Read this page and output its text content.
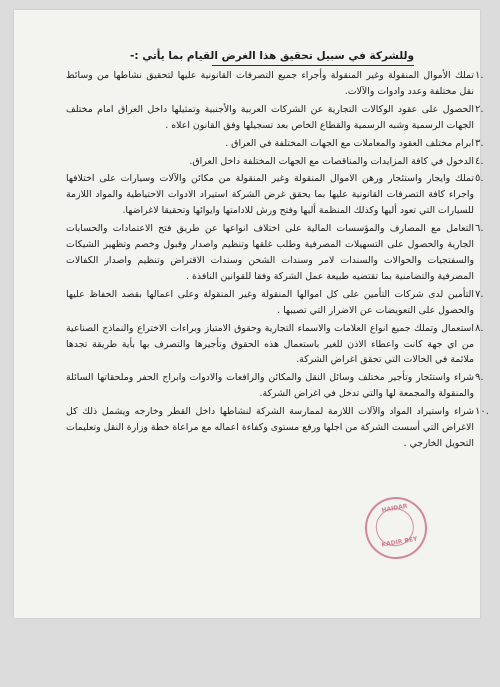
وللشركة في سبيل تحقيق هذا الغرض القيام بما يأتي :-
١.
تملك الأموال المنقولة وغير المنقولة وأجراء جميع التصرفات القانونية عليها لتحقيق نشاطها من وسائط نقل مختلفة وعدد وادوات والآلات.
٢.
الحصول على عقود الوكالات التجارية عن الشركات العربية والأجنبية وتمثيلها داخل العراق امام مختلف الجهات الرسمية وشبه الرسمية والقطاع الخاص بعد تسجيلها وفق القانون اعلاه .
٣.
ابرام مختلف العقود والمعاملات مع الجهات المختلفة في العراق .
٤.
الدخول في كافة المزايدات والمناقصات مع الجهات المختلفة داخل العراق.
٥.
تملك وايجار واستئجار ورهن الاموال المنقولة وغير المنقولة من مكائن والآلات وسيارات على اختلافها واجراء كافة التصرفات القانونية عليها بما يحقق غرض الشركة استيراد الادوات الاحتياطية والمواد اللازمة للسيارات التي تعود أليها وكذلك المنظمة أليها وفتح ورش للادامتها وايوائها وتحقيقا لاغراضها.
٦.
التعامل مع المصارف والمؤسسات المالية على اختلاف انواعها عن طريق فتح الاعتمادات والحسابات الجارية والحصول على التسهيلات المصرفية وطلب غلقها وتنظيم واصدار وقبول وخصم وتظهير الشيكات والسفتجيات والحوالات والسندات لامر وسندات الشحن وسندات الاقتراض وتنظيم واصدار الكفالات المصرفية والتضامنية بما تقتضيه طبيعة عمل الشركة وفقا للقوانين النافذة .
٧.
التأمين لدى شركات التأمين على كل اموالها المنقولة وغير المنقولة وعلى اعمالها بقصد الحفاظ عليها والحصول على التعويضات عن الاضرار التي تصيبها .
٨.
استعمال وتملك جميع انواع العلامات والاسماء التجارية وحقوق الامتياز وبراءات الاختراع والنماذج الصناعية من اي جهة كانت واعطاء الاذن للغير باستعمال هذه الحقوق وتأجيرها والتصرف بها بأية طريقة تجدها ملائمة في الحالات التي تحقق اغراض الشركة.
٩.
شراء واستئجار وتأجير مختلف وسائل النقل والمكائن والرافعات والادوات وابراج الحفر وملحقاتها السائلة والمنقولة والمجمعة لها والتي تدخل في اغراض الشركة.
١٠.
شراء واستيراد المواد والآلات اللازمة لممارسة الشركة لنشاطها داخل القطر وخارجه ويشمل ذلك كل الاغراض التي أسست الشركة من اجلها ورفع مستوى وكفاءة اعماله مع مراعاة خطة وزارة النقل وتعليمات التحويل الخارجي .
HAIDAR
KADIR BEY
